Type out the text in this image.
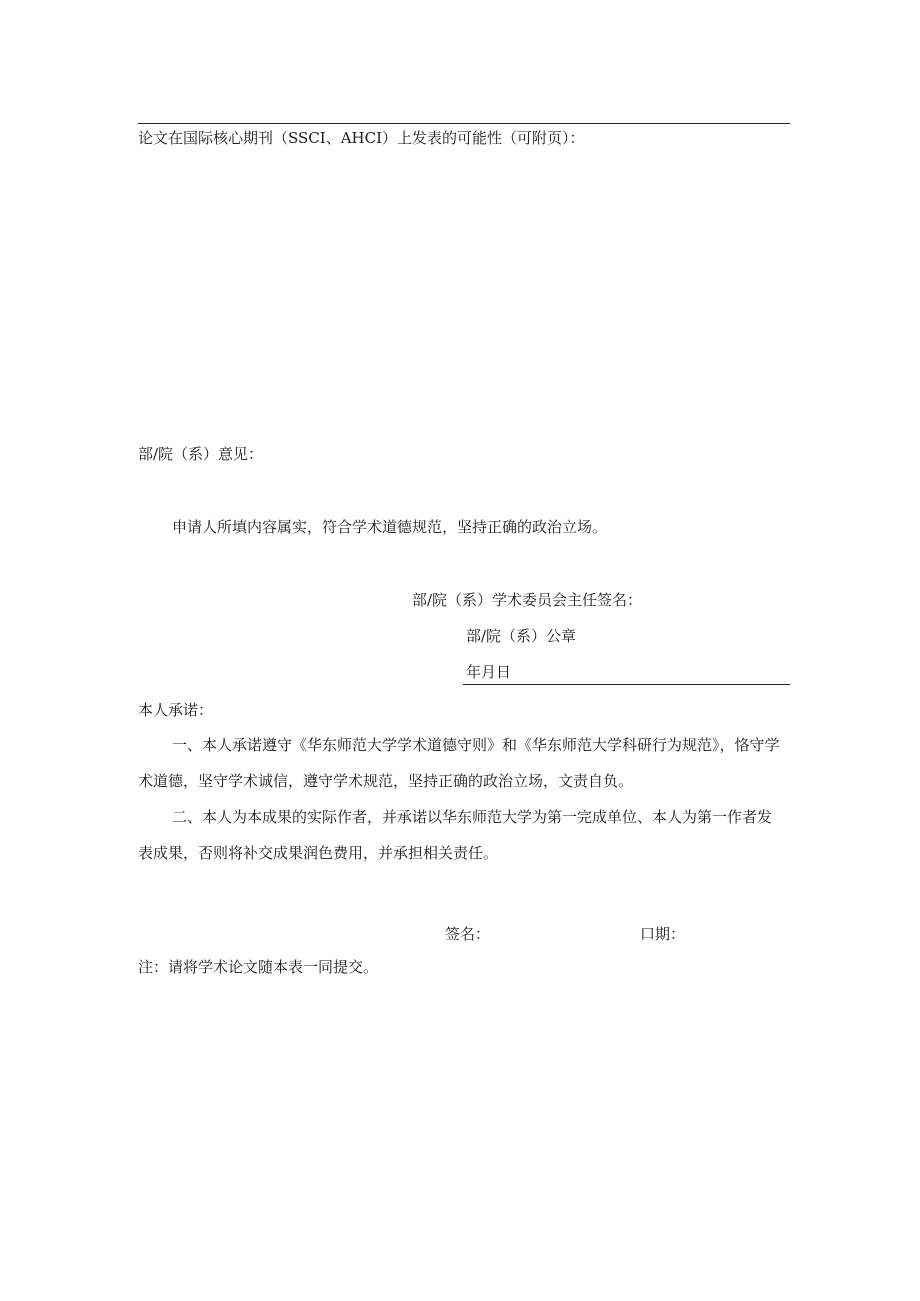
论文在国际核心期刊（SSCI、AHCI）上发表的可能性（可附页）：
部/院（系）意见：
申请人所填内容属实，符合学术道德规范，坚持正确的政治立场。
部/院（系）学术委员会主任签名：
部/院（系）公章
年月日
本人承诺：
一、本人承诺遵守《华东师范大学学术道德守则》和《华东师范大学科研行为规范》，恪守学术道德，坚守学术诚信，遵守学术规范，坚持正确的政治立场，文责自负。
二、本人为本成果的实际作者，并承诺以华东师范大学为第一完成单位、本人为第一作者发表成果，否则将补交成果润色费用，并承担相关责任。
签名：	口期：
注：请将学术论文随本表一同提交。
